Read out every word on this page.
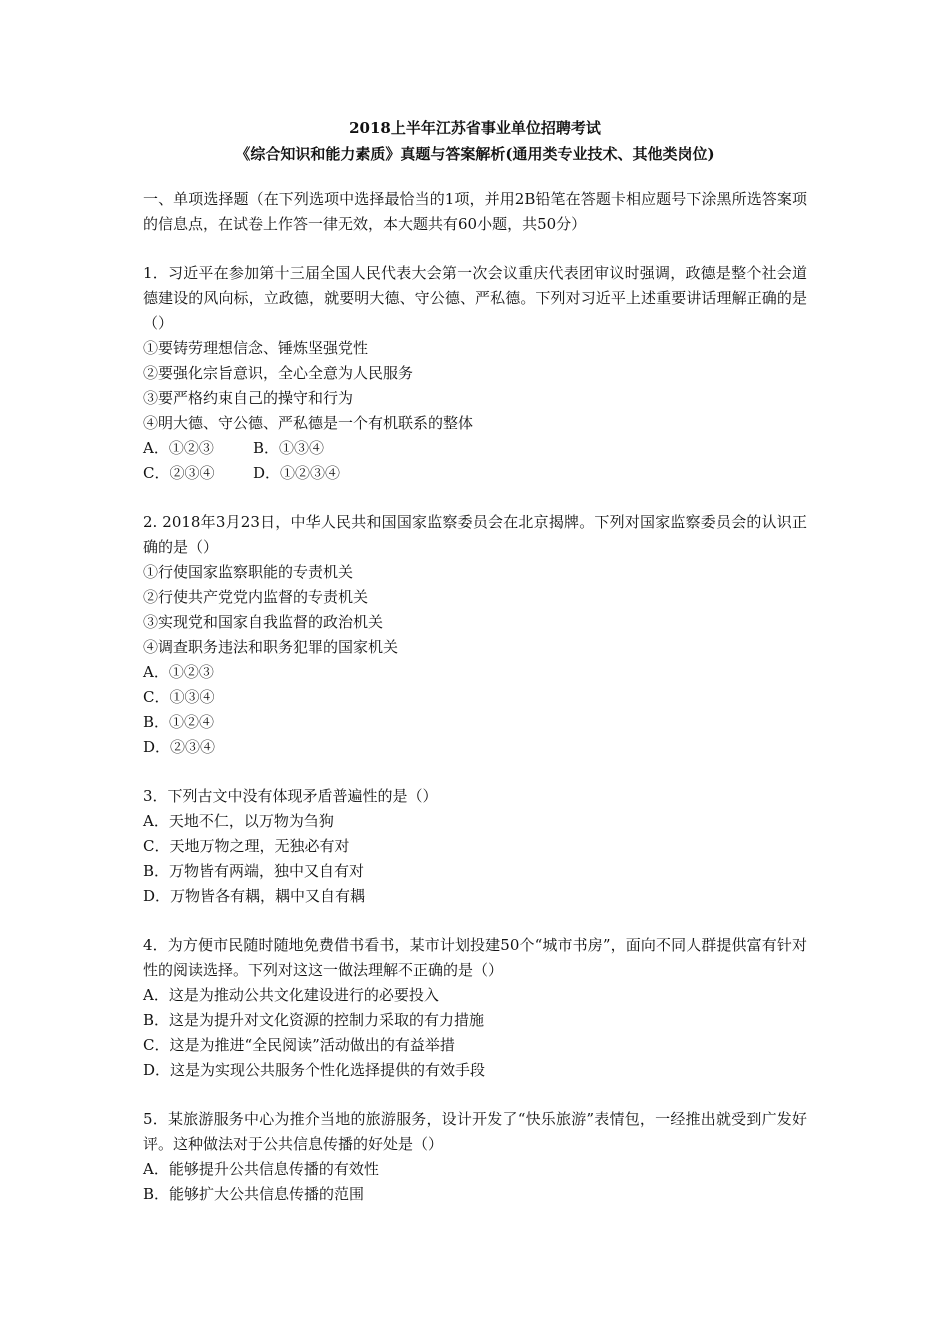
2018上半年江苏省事业单位招聘考试
《综合知识和能力素质》真题与答案解析(通用类专业技术、其他类岗位)
一、单项选择题（在下列选项中选择最恰当的1项，并用2B铅笔在答题卡相应题号下涂黑所选答案项的信息点，在试卷上作答一律无效，本大题共有60小题，共50分）
1．习近平在参加第十三届全国人民代表大会第一次会议重庆代表团审议时强调，政德是整个社会道德建设的风向标，立政德，就要明大德、守公德、严私德。下列对习近平上述重要讲话理解正确的是（）
①要铸劳理想信念、锤炼坚强党性
②要强化宗旨意识，全心全意为人民服务
③要严格约束自己的操守和行为
④明大德、守公德、严私德是一个有机联系的整体
A．①②③	B．①③④
C．②③④	D．①②③④
2. 2018年3月23日，中华人民共和国国家监察委员会在北京揭牌。下列对国家监察委员会的认识正确的是（）
①行使国家监察职能的专责机关
②行使共产党党内监督的专责机关
③实现党和国家自我监督的政治机关
④调查职务违法和职务犯罪的国家机关
A．①②③
C．①③④
B．①②④
D．②③④
3．下列古文中没有体现矛盾普遍性的是（）
A．天地不仁，以万物为刍狗
C．天地万物之理，无独必有对
B．万物皆有两端，独中又自有对
D．万物皆各有耦，耦中又自有耦
4．为方便市民随时随地免费借书看书，某市计划投建50个“城市书房”，面向不同人群提供富有针对性的阅读选择。下列对这这一做法理解不正确的是（）
A．这是为推动公共文化建设进行的必要投入
B．这是为提升对文化资源的控制力采取的有力措施
C．这是为推进“全民阅读”活动做出的有益举措
D．这是为实现公共服务个性化选择提供的有效手段
5．某旅游服务中心为推介当地的旅游服务，设计开发了“快乐旅游”表情包，一经推出就受到广发好评。这种做法对于公共信息传播的好处是（）
A．能够提升公共信息传播的有效性
B．能够扩大公共信息传播的范围
